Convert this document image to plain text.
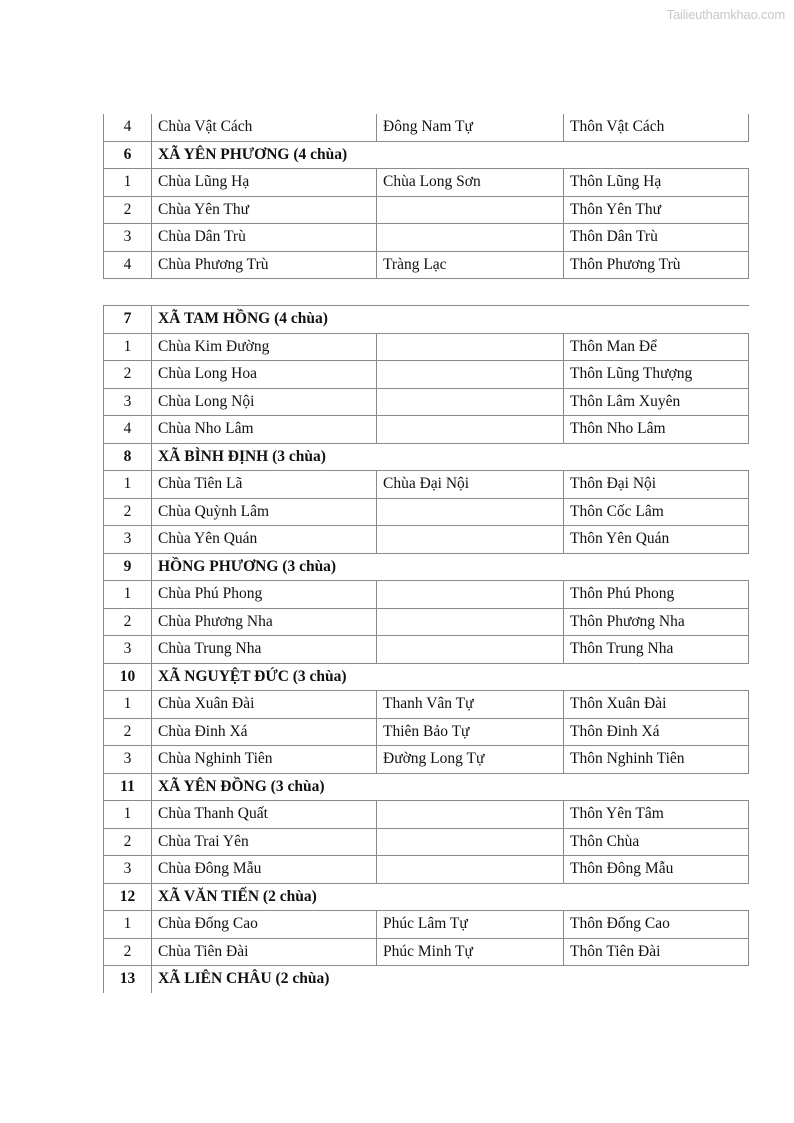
Tailieuthamkhao.com
4	Chùa Vật Cách	Đông Nam Tự	Thôn Vật Cách
6	XÃ YÊN PHƯƠNG (4 chùa)		
1	Chùa Lũng Hạ	Chùa Long Sơn	Thôn Lũng Hạ
2	Chùa Yên Thư		Thôn Yên Thư
3	Chùa Dân Trù		Thôn Dân Trù
4	Chùa Phương Trù	Tràng Lạc	Thôn Phương Trù
7	XÃ TAM HỒNG (4 chùa)		
1	Chùa Kim Đường		Thôn Man Để
2	Chùa Long Hoa		Thôn Lũng Thượng
3	Chùa Long Nội		Thôn Lâm Xuyên
4	Chùa Nho Lâm		Thôn Nho Lâm
8	XÃ BÌNH ĐỊNH (3 chùa)		
1	Chùa Tiên Lã	Chùa Đại Nội	Thôn Đại Nội
2	Chùa Quỳnh Lâm		Thôn Cốc Lâm
3	Chùa Yên Quán		Thôn Yên Quán
9	HỒNG PHƯƠNG (3 chùa)		
1	Chùa Phú Phong		Thôn Phú Phong
2	Chùa Phương Nha		Thôn Phương Nha
3	Chùa Trung Nha		Thôn Trung Nha
10	XÃ NGUYỆT ĐỨC (3 chùa)		
1	Chùa Xuân Đài	Thanh Vân Tự	Thôn Xuân Đài
2	Chùa Đinh Xá	Thiên Bảo Tự	Thôn Đinh Xá
3	Chùa Nghinh Tiên	Đường Long Tự	Thôn Nghinh Tiên
11	XÃ YÊN ĐỒNG (3 chùa)		
1	Chùa Thanh Quất		Thôn Yên Tâm
2	Chùa Trai Yên		Thôn Chùa
3	Chùa Đông Mẫu		Thôn Đông Mẫu
12	XÃ VĂN TIẾN (2 chùa)		
1	Chùa Đống Cao	Phúc Lâm Tự	Thôn Đống Cao
2	Chùa Tiên Đài	Phúc Minh Tự	Thôn Tiên Đài
13	XÃ LIÊN CHÂU (2 chùa)		
